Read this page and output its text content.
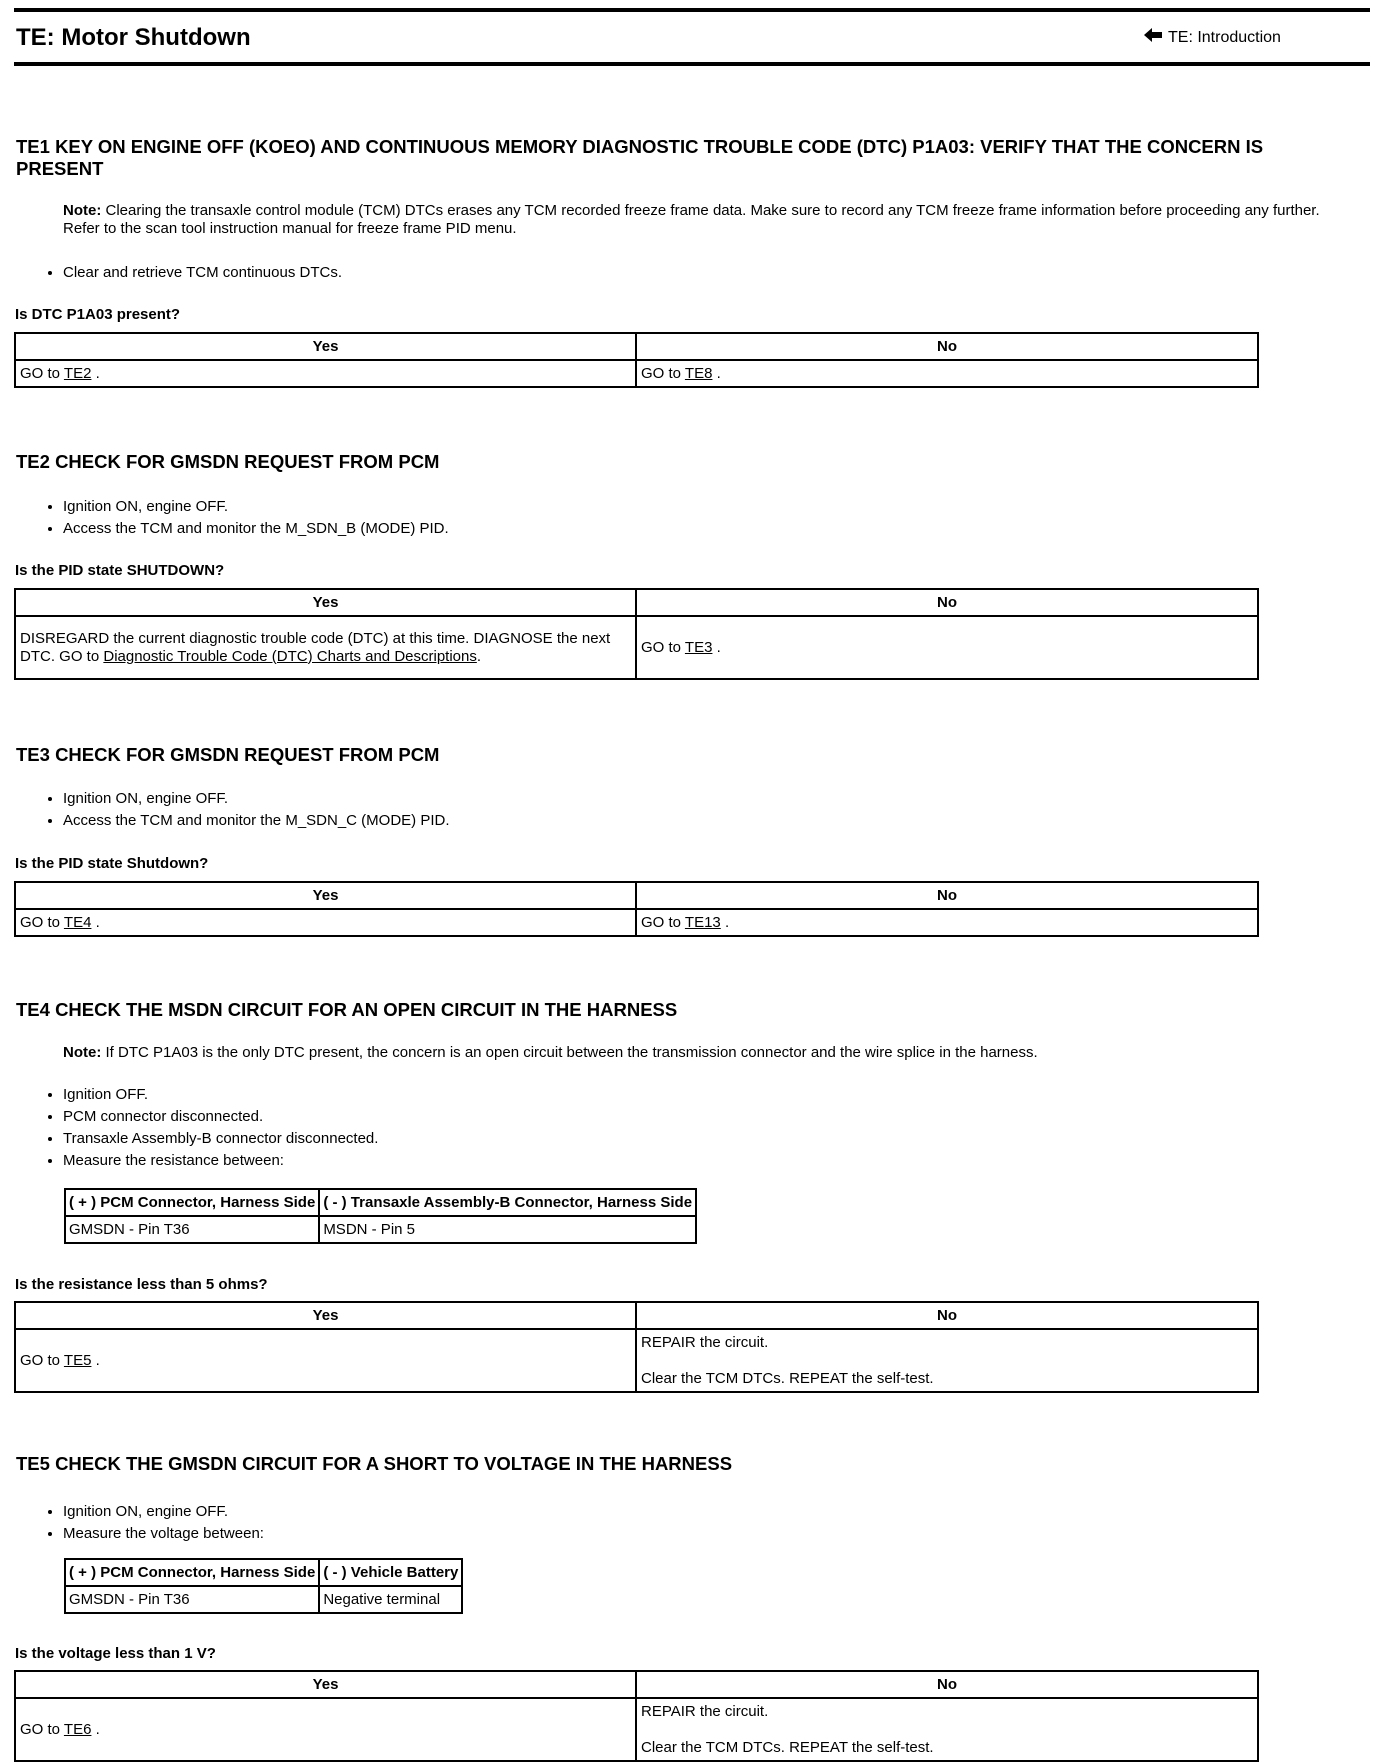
TE: Motor Shutdown	TE: Introduction
TE1 KEY ON ENGINE OFF (KOEO) AND CONTINUOUS MEMORY DIAGNOSTIC TROUBLE CODE (DTC) P1A03: VERIFY THAT THE CONCERN IS PRESENT
Note: Clearing the transaxle control module (TCM) DTCs erases any TCM recorded freeze frame data. Make sure to record any TCM freeze frame information before proceeding any further. Refer to the scan tool instruction manual for freeze frame PID menu.
• Clear and retrieve TCM continuous DTCs.
Is DTC P1A03 present?
Yes	No
GO to TE2 .	GO to TE8 .
TE2 CHECK FOR GMSDN REQUEST FROM PCM
• Ignition ON, engine OFF.
• Access the TCM and monitor the M_SDN_B (MODE) PID.
Is the PID state SHUTDOWN?
Yes	No
DISREGARD the current diagnostic trouble code (DTC) at this time. DIAGNOSE the next DTC. GO to Diagnostic Trouble Code (DTC) Charts and Descriptions.	GO to TE3 .
TE3 CHECK FOR GMSDN REQUEST FROM PCM
• Ignition ON, engine OFF.
• Access the TCM and monitor the M_SDN_C (MODE) PID.
Is the PID state Shutdown?
Yes	No
GO to TE4 .	GO to TE13 .
TE4 CHECK THE MSDN CIRCUIT FOR AN OPEN CIRCUIT IN THE HARNESS
Note: If DTC P1A03 is the only DTC present, the concern is an open circuit between the transmission connector and the wire splice in the harness.
• Ignition OFF.
• PCM connector disconnected.
• Transaxle Assembly-B connector disconnected.
• Measure the resistance between:
( + ) PCM Connector, Harness Side	( - ) Transaxle Assembly-B Connector, Harness Side
GMSDN - Pin T36	MSDN - Pin 5
Is the resistance less than 5 ohms?
Yes	No
GO to TE5 .	REPAIR the circuit.
Clear the TCM DTCs. REPEAT the self-test.
TE5 CHECK THE GMSDN CIRCUIT FOR A SHORT TO VOLTAGE IN THE HARNESS
• Ignition ON, engine OFF.
• Measure the voltage between:
( + ) PCM Connector, Harness Side	( - ) Vehicle Battery
GMSDN - Pin T36	Negative terminal
Is the voltage less than 1 V?
Yes	No
GO to TE6 .	REPAIR the circuit.
Clear the TCM DTCs. REPEAT the self-test.
